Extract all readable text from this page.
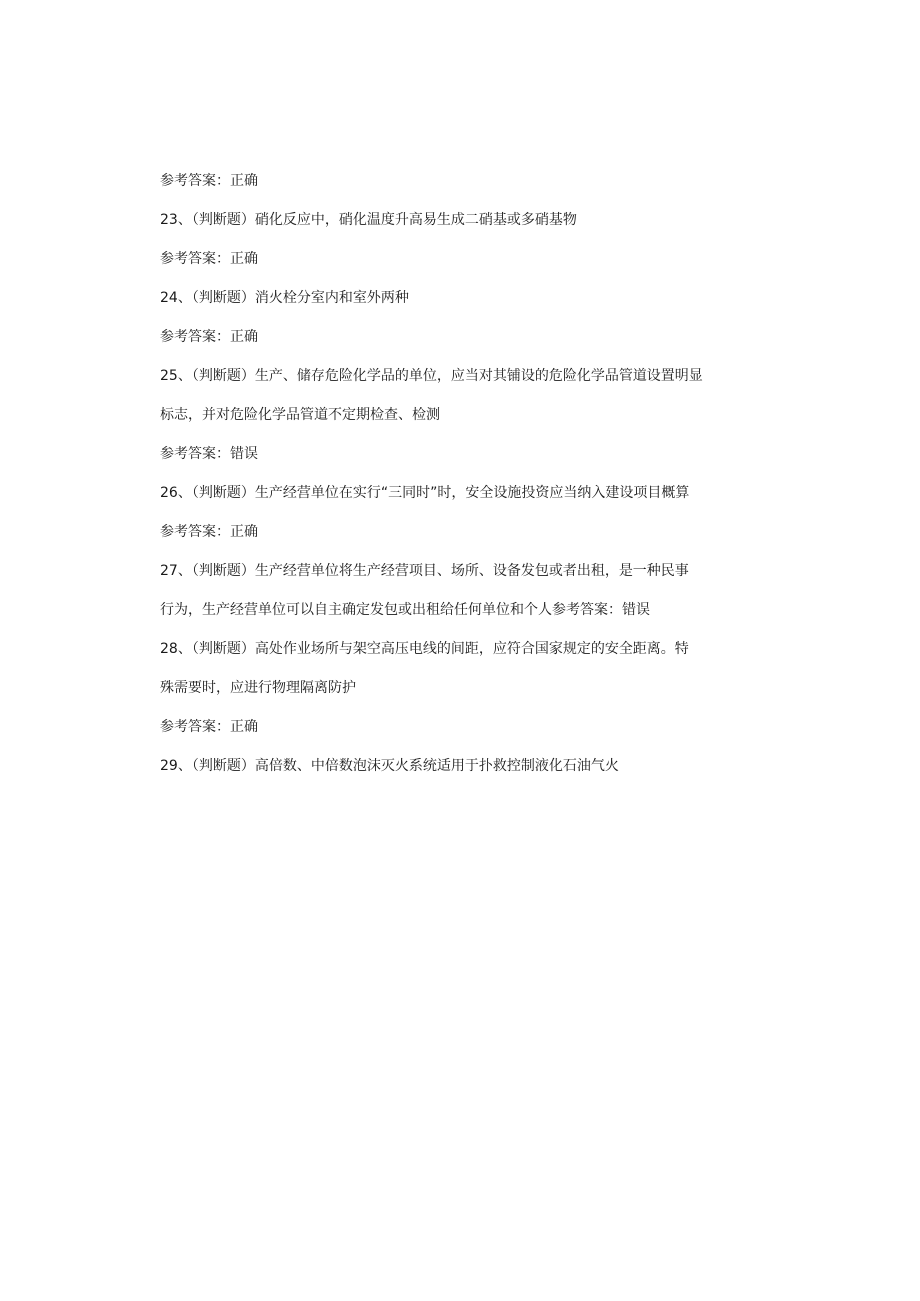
参考答案：正确
23、（判断题）硝化反应中，硝化温度升高易生成二硝基或多硝基物
参考答案：正确
24、（判断题）消火栓分室内和室外两种
参考答案：正确
25、（判断题）生产、储存危险化学品的单位，应当对其铺设的危险化学品管道设置明显
标志，并对危险化学品管道不定期检查、检测
参考答案：错误
26、（判断题）生产经营单位在实行“三同时”时，安全设施投资应当纳入建设项目概算
参考答案：正确
27、（判断题）生产经营单位将生产经营项目、场所、设备发包或者出租，是一种民事
行为，生产经营单位可以自主确定发包或出租给任何单位和个人参考答案：错误
28、（判断题）高处作业场所与架空高压电线的间距，应符合国家规定的安全距离。特
殊需要时，应进行物理隔离防护
参考答案：正确
29、（判断题）高倍数、中倍数泡沫灭火系统适用于扑救控制液化石油气火
